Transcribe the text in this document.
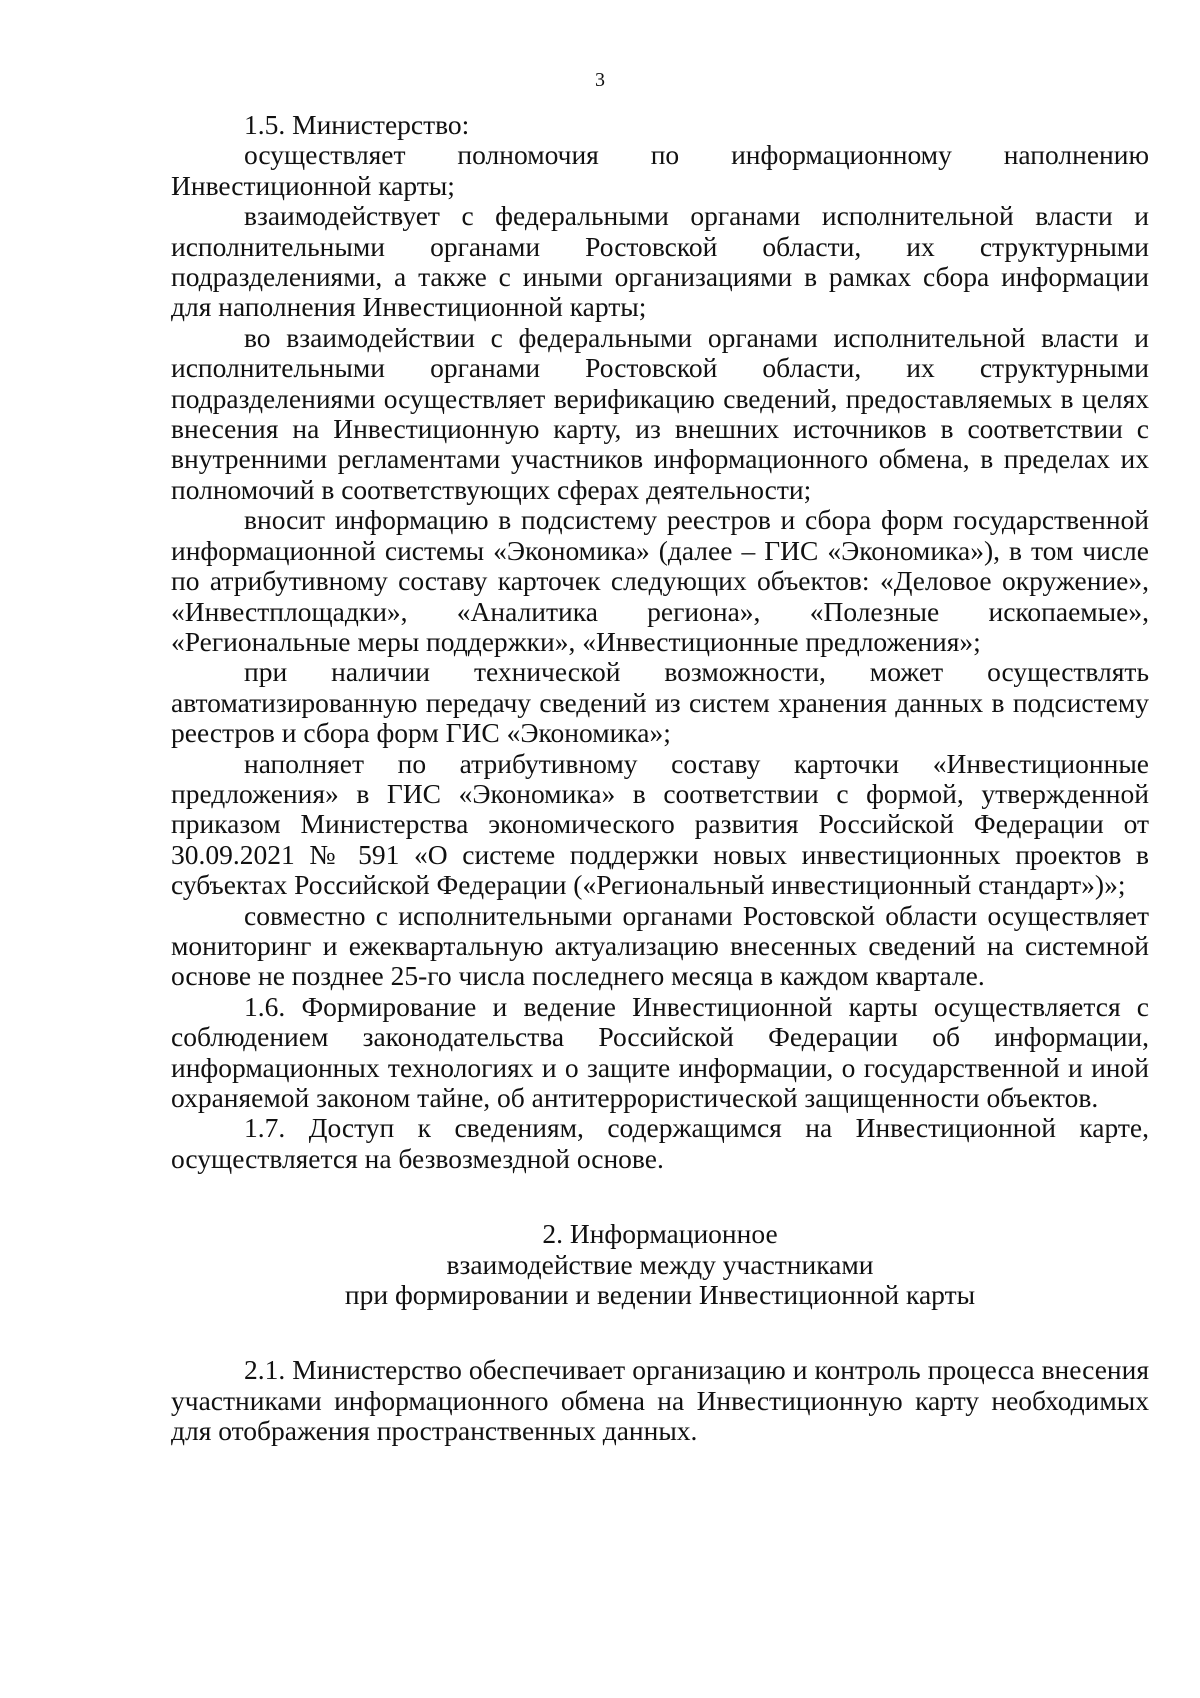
3

1.5. Министерство:

осуществляет полномочия по информационному наполнению Инвестиционной карты;

взаимодействует с федеральными органами исполнительной власти и исполнительными органами Ростовской области, их структурными подразделениями, а также с иными организациями в рамках сбора информации для наполнения Инвестиционной карты;

во взаимодействии с федеральными органами исполнительной власти и исполнительными органами Ростовской области, их структурными подразделениями осуществляет верификацию сведений, предоставляемых в целях внесения на Инвестиционную карту, из внешних источников в соответствии с внутренними регламентами участников информационного обмена, в пределах их полномочий в соответствующих сферах деятельности;

вносит информацию в подсистему реестров и сбора форм государственной информационной системы «Экономика» (далее – ГИС «Экономика»), в том числе по атрибутивному составу карточек следующих объектов: «Деловое окружение», «Инвестплощадки», «Аналитика региона», «Полезные ископаемые», «Региональные меры поддержки», «Инвестиционные предложения»;

при наличии технической возможности, может осуществлять автоматизированную передачу сведений из систем хранения данных в подсистему реестров и сбора форм ГИС «Экономика»;

наполняет по атрибутивному составу карточки «Инвестиционные предложения» в ГИС «Экономика» в соответствии с формой, утвержденной приказом Министерства экономического развития Российской Федерации от 30.09.2021 № 591 «О системе поддержки новых инвестиционных проектов в субъектах Российской Федерации («Региональный инвестиционный стандарт»)»;

совместно с исполнительными органами Ростовской области осуществляет мониторинг и ежеквартальную актуализацию внесенных сведений на системной основе не позднее 25-го числа последнего месяца в каждом квартале.

1.6. Формирование и ведение Инвестиционной карты осуществляется с соблюдением законодательства Российской Федерации об информации, информационных технологиях и о защите информации, о государственной и иной охраняемой законом тайне, об антитеррористической защищенности объектов.

1.7. Доступ к сведениям, содержащимся на Инвестиционной карте, осуществляется на безвозмездной основе.

2. Информационное

взаимодействие между участниками

при формировании и ведении Инвестиционной карты

2.1. Министерство обеспечивает организацию и контроль процесса внесения участниками информационного обмена на Инвестиционную карту необходимых для отображения пространственных данных.
